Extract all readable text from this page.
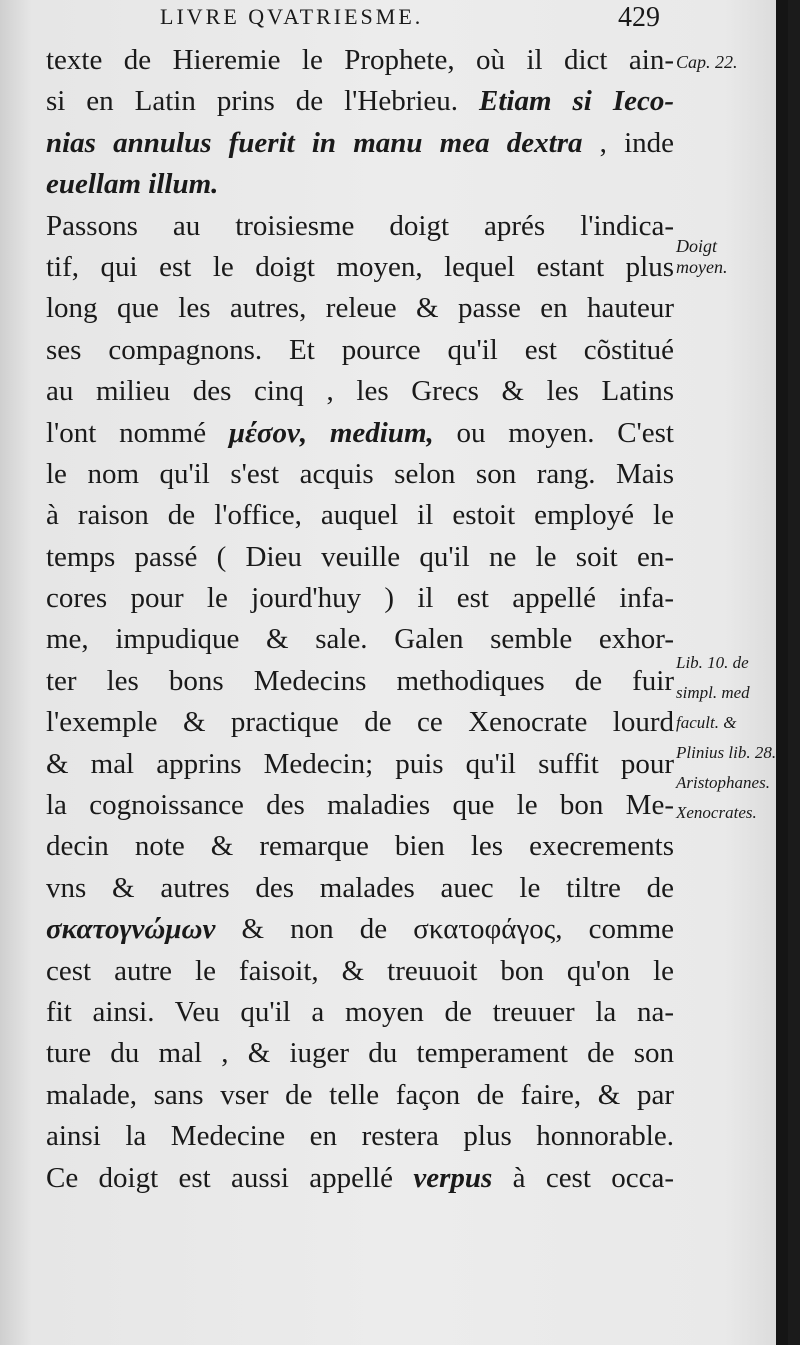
LIVRE QVATRIESME.	429
texte de Hieremie le Prophete, où il dict ain-
si en Latin prins de l'Hebrieu. Etiam si Ieco-
nias annulus fuerit in manu mea dextra , inde
euellam illum.
Passons au troisiesme doigt aprés l'indica-
tif, qui est le doigt moyen, lequel estant plus
long que les autres, releue & passe en hauteur
ses compagnons. Et pource qu'il est cõstitué
au milieu des cinq , les Grecs & les Latins
l'ont nommé μέσον, medium, ou moyen. C'est
le nom qu'il s'est acquis selon son rang. Mais
à raison de l'office, auquel il estoit employé le
temps passé ( Dieu veuille qu'il ne le soit en-
cores pour le jourd'huy ) il est appellé infa-
me, impudique & sale. Galen semble exhor-
ter les bons Medecins methodiques de fuir
l'exemple & practique de ce Xenocrate lourd
& mal apprins Medecin; puis qu'il suffit pour
la cognoissance des maladies que le bon Me-
decin note & remarque bien les execrements
vns & autres des malades auec le tiltre de
σκατογνώμων & non de σκατοφάγος, comme
cest autre le faisoit, & treuuoit bon qu'on le
fit ainsi. Veu qu'il a moyen de treuuer la na-
ture du mal , & iuger du temperament de son
malade, sans vser de telle façon de faire, & par
ainsi la Medecine en restera plus honnorable.
Ce doigt est aussi appellé verpus à cest occa-
Cap. 22.
Doigt moyen.
Lib. 10. de simpl. med facult. & Plinius lib. 28. Aristophanes. Xenocrates.
